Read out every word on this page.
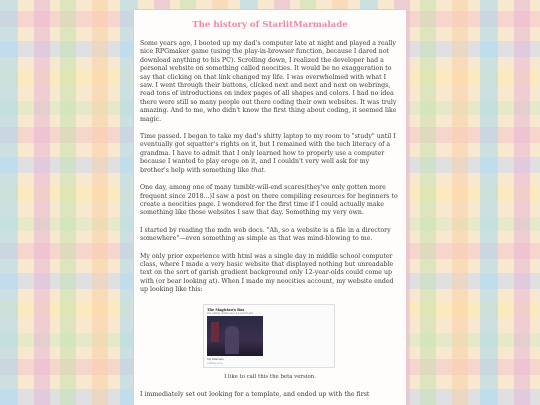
The history of StarlitMarmalade

Some years ago, I booted up my dad's computer late at night and played a really nice RPGmaker game (using the play-in-browser function, because I dared not download anything to his PC). Scrolling down, I realized the developer had a personal website on something called neocities. It would be no exaggeration to say that clicking on that link changed my life. I was overwhelmed with what I saw. I went through their buttons, clicked next and next and next on webrings, read tons of introductions on index pages of all shapes and colors. I had no idea there were still so many people out there coding their own websites. It was truly amazing. And to me, who didn't know the first thing about coding, it seemed like magic.

Time passed. I began to take my dad's shitty laptop to my room to "study" until I eventually got squatter's rights on it, but I remained with the tech literacy of a grandma. I have to admit that I only learned how to properly use a computer because I wanted to play eroge on it, and I couldn't very well ask for my brother's help with something like that.

One day, among one of many tumblr-will-end scares(they've only gotten more frequent since 2018...)I saw a post on there compiling resources for beginners to create a neocities page. I wondered for the first time if I could actually make something like those websites I saw that day. Something my very own.

I started by reading the mdn web docs. "Ah, so a website is a file in a directory somewhere"—even something as simple as that was mind-blowing to me.

My only prior experience with html was a single day in middle school computer class, where I made a very basic website that displayed nothing but unreadable text on the sort of garish gradient background only 12-year-olds could come up with (or bear looking at). When I made my neocities account, my website ended up looking like this:

The Magician's Box
the online dollhouse of a weird girl
My Interests
coming soon
I like to call this the beta version.

I immediately set out looking for a template, and ended up with the first
